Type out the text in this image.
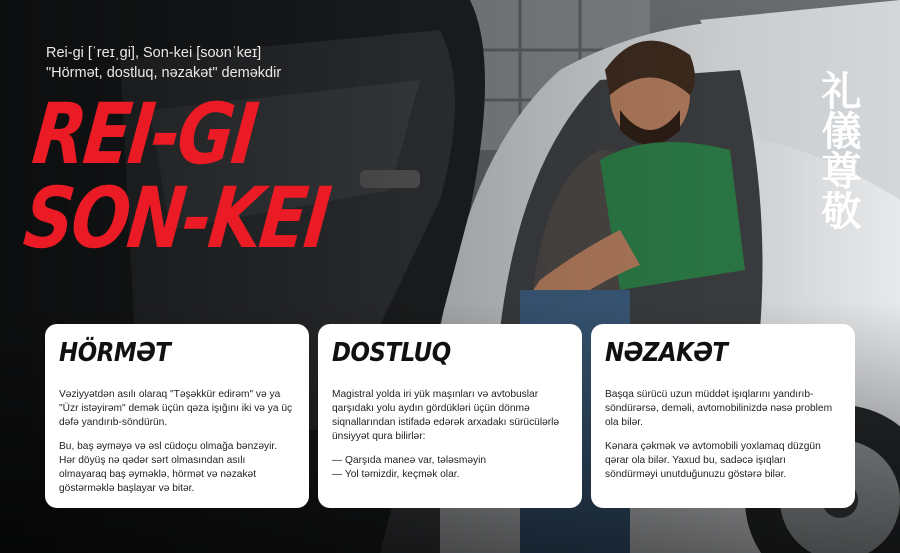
Rei-gi [ˈreɪˌgi], Son-kei [soʊnˈkeɪ]
"Hörmət, dostluq, nəzakət" deməkdir
REI-GI
SON-KEI	礼儀尊敬
HÖRMƏT

Vəziyyətdən asılı olaraq "Təşəkkür edirəm" və ya "Üzr istəyirəm" demək üçün qəza işığını iki və ya üç dəfə yandırıb-söndürün.

Bu, baş əyməyə və əsl cüdoçu olmağa bənzəyir. Hər döyüş nə qədər sərt olmasından asılı olmayaraq baş əyməklə, hörmət və nəzakət göstərməklə başlayar və bitər.

DOSTLUQ

Magistral yolda iri yük maşınları və avtobuslar qarşıdakı yolu aydın gördükləri üçün dönmə siqnallarından istifadə edərək arxadakı sürücülərlə ünsiyyət qura bilirlər:

— Qarşıda maneə var, tələsməyin
— Yol təmizdir, keçmək olar.
NƏZAKƏT

Başqa sürücü uzun müddət işıqlarını yandırıb-söndürərsə, deməli, avtomobilinizdə nəsə problem ola bilər.

Kənara çəkmək və avtomobili yoxlamaq düzgün qərar ola bilər. Yaxud bu, sadəcə işıqları söndürməyi unutduğunuzu göstərə bilər.
